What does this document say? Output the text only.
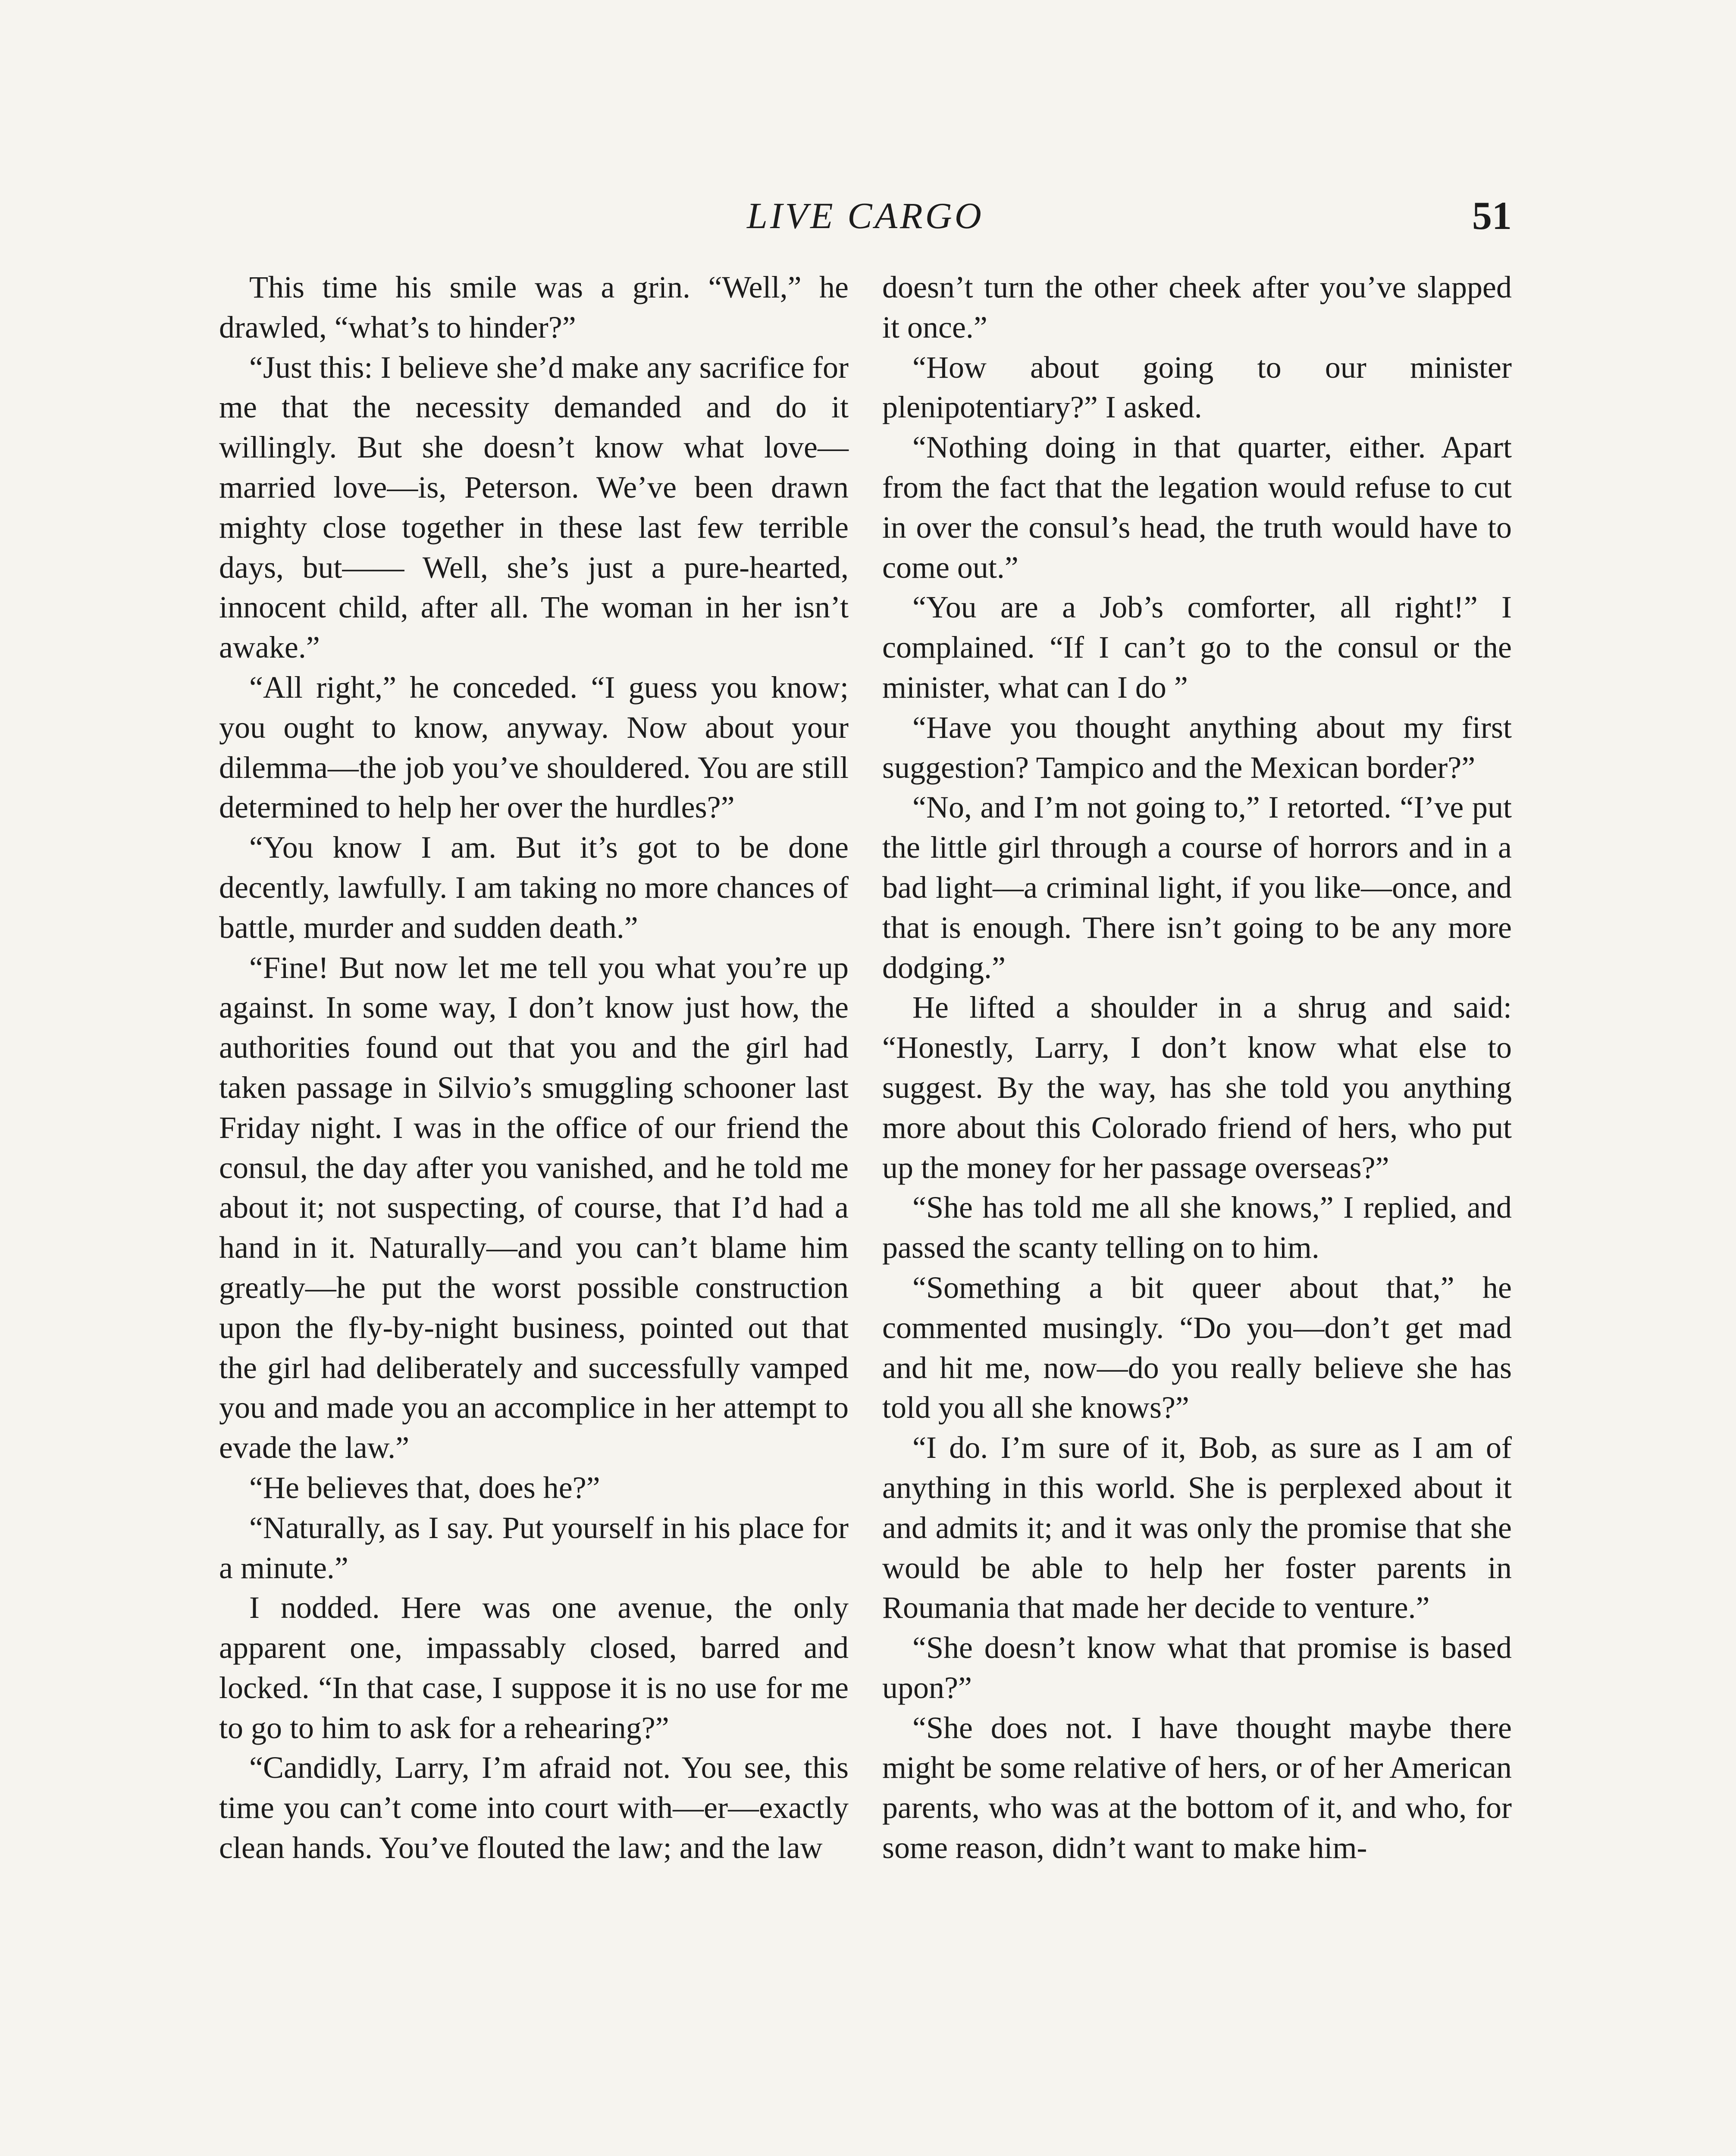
LIVE CARGO	51

This time his smile was a grin. “Well,” he drawled, “what’s to hinder?”

“Just this: I believe she’d make any sacrifice for me that the necessity demanded and do it willingly. But she doesn’t know what love—married love—is, Peterson. We’ve been drawn mighty close together in these last few terrible days, but—— Well, she’s just a pure-hearted, innocent child, after all. The woman in her isn’t awake.”

“All right,” he conceded. “I guess you know; you ought to know, anyway. Now about your dilemma—the job you’ve shouldered. You are still determined to help her over the hurdles?”

“You know I am. But it’s got to be done decently, lawfully. I am taking no more chances of battle, murder and sudden death.”

“Fine! But now let me tell you what you’re up against. In some way, I don’t know just how, the authorities found out that you and the girl had taken passage in Silvio’s smuggling schooner last Friday night. I was in the office of our friend the consul, the day after you vanished, and he told me about it; not suspecting, of course, that I’d had a hand in it. Naturally—and you can’t blame him greatly—he put the worst possible construction upon the fly-by-night business, pointed out that the girl had deliberately and successfully vamped you and made you an accomplice in her attempt to evade the law.”

“He believes that, does he?”

“Naturally, as I say. Put yourself in his place for a minute.”

I nodded. Here was one avenue, the only apparent one, impassably closed, barred and locked. “In that case, I suppose it is no use for me to go to him to ask for a rehearing?”

“Candidly, Larry, I’m afraid not. You see, this time you can’t come into court with—er—exactly clean hands. You’ve flouted the law; and the law

doesn’t turn the other cheek after you’ve slapped it once.”

“How about going to our minister plenipotentiary?” I asked.

“Nothing doing in that quarter, either. Apart from the fact that the legation would refuse to cut in over the consul’s head, the truth would have to come out.”

“You are a Job’s comforter, all right!” I complained. “If I can’t go to the consul or the minister, what can I do ”

“Have you thought anything about my first suggestion? Tampico and the Mexican border?”

“No, and I’m not going to,” I retorted. “I’ve put the little girl through a course of horrors and in a bad light—a criminal light, if you like—once, and that is enough. There isn’t going to be any more dodging.”

He lifted a shoulder in a shrug and said: “Honestly, Larry, I don’t know what else to suggest. By the way, has she told you anything more about this Colorado friend of hers, who put up the money for her passage overseas?”

“She has told me all she knows,” I replied, and passed the scanty telling on to him.

“Something a bit queer about that,” he commented musingly. “Do you—don’t get mad and hit me, now—do you really believe she has told you all she knows?”

“I do. I’m sure of it, Bob, as sure as I am of anything in this world. She is perplexed about it and admits it; and it was only the promise that she would be able to help her foster parents in Roumania that made her decide to venture.”

“She doesn’t know what that promise is based upon?”

“She does not. I have thought maybe there might be some relative of hers, or of her American parents, who was at the bottom of it, and who, for some reason, didn’t want to make him-
